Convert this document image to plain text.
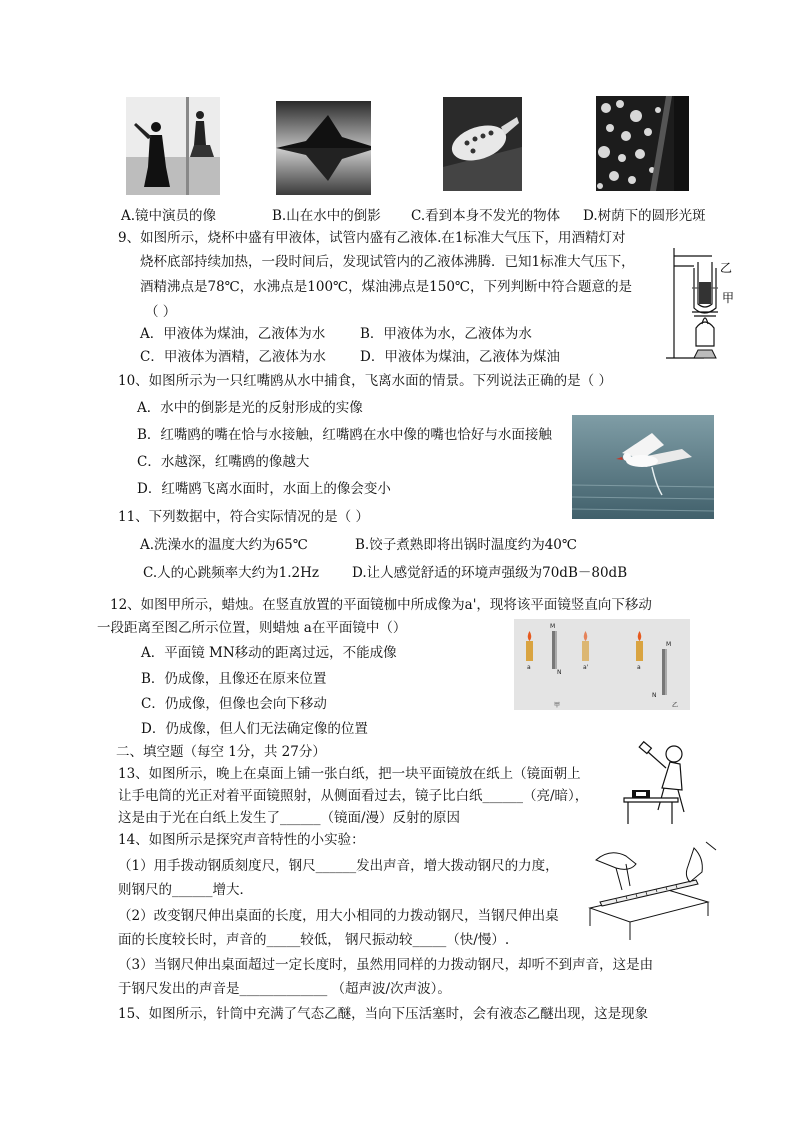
A.镜中演员的像	B.山在水中的倒影 C.看到本身不发光的物体 D.树荫下的圆形光斑
9、如图所示，烧杯中盛有甲液体，试管内盛有乙液体.在1标准大气压下，用酒精灯对
烧杯底部持续加热，一段时间后，发现试管内的乙液体沸腾．已知1标准大气压下，
酒精沸点是78℃，水沸点是100℃，煤油沸点是150℃，下列判断中符合题意的是
（ ）
A．甲液体为煤油，乙液体为水	B．甲液体为水，乙液体为水
C．甲液体为酒精，乙液体为水	D．甲液体为煤油，乙液体为煤油
乙
甲
10、如图所示为一只红嘴鸥从水中捕食，飞离水面的情景。下列说法正确的是（ ）
A．水中的倒影是光的反射形成的实像
B．红嘴鸥的嘴在恰与水接触，红嘴鸥在水中像的嘴也恰好与水面接触
C．水越深，红嘴鸥的像越大
D．红嘴鸥飞离水面时，水面上的像会变小
11、下列数据中，符合实际情况的是（ ）
A.洗澡水的温度大约为65℃	B.饺子煮熟即将出锅时温度约为40℃
C.人的心跳频率大约为1.2Hz D.让人感觉舒适的环境声强级为70dB－80dB
12、如图甲所示，蜡烛。在竖直放置的平面镜枷中所成像为a'，现将该平面镜竖直向下移动
一段距离至图乙所示位置，则蜡烛 a在平面镜中（）
A．平面镜 MN移动的距离过远，不能成像
B．仍成像，且像还在原来位置
C．仍成像，但像也会向下移动
D．仍成像，但人们无法确定像的位置
M
N
a	a'
M
N
a
甲	乙
二、填空题（每空 1分，共 27分）
13、如图所示，晚上在桌面上铺一张白纸，把一块平面镜放在纸上（镜面朝上
让手电筒的光正对着平面镜照射，从侧面看过去，镜子比白纸______（亮/暗），
这是由于光在白纸上发生了______（镜面/漫）反射的原因
14、如图所示是探究声音特性的小实验：
（1）用手拨动钢质刻度尺，钢尺______发出声音，增大拨动钢尺的力度，
则钢尺的______增大．
（2）改变钢尺伸出桌面的长度，用大小相同的力拨动钢尺，当钢尺伸出桌
面的长度较长时，声音的_____较低， 钢尺振动较_____（快/慢）.
（3）当钢尺伸出桌面超过一定长度时，虽然用同样的力拨动钢尺，却听不到声音，这是由
于钢尺发出的声音是_____________ （超声波/次声波）。
15、如图所示，针筒中充满了气态乙醚，当向下压活塞时，会有液态乙醚出现，这是现象
